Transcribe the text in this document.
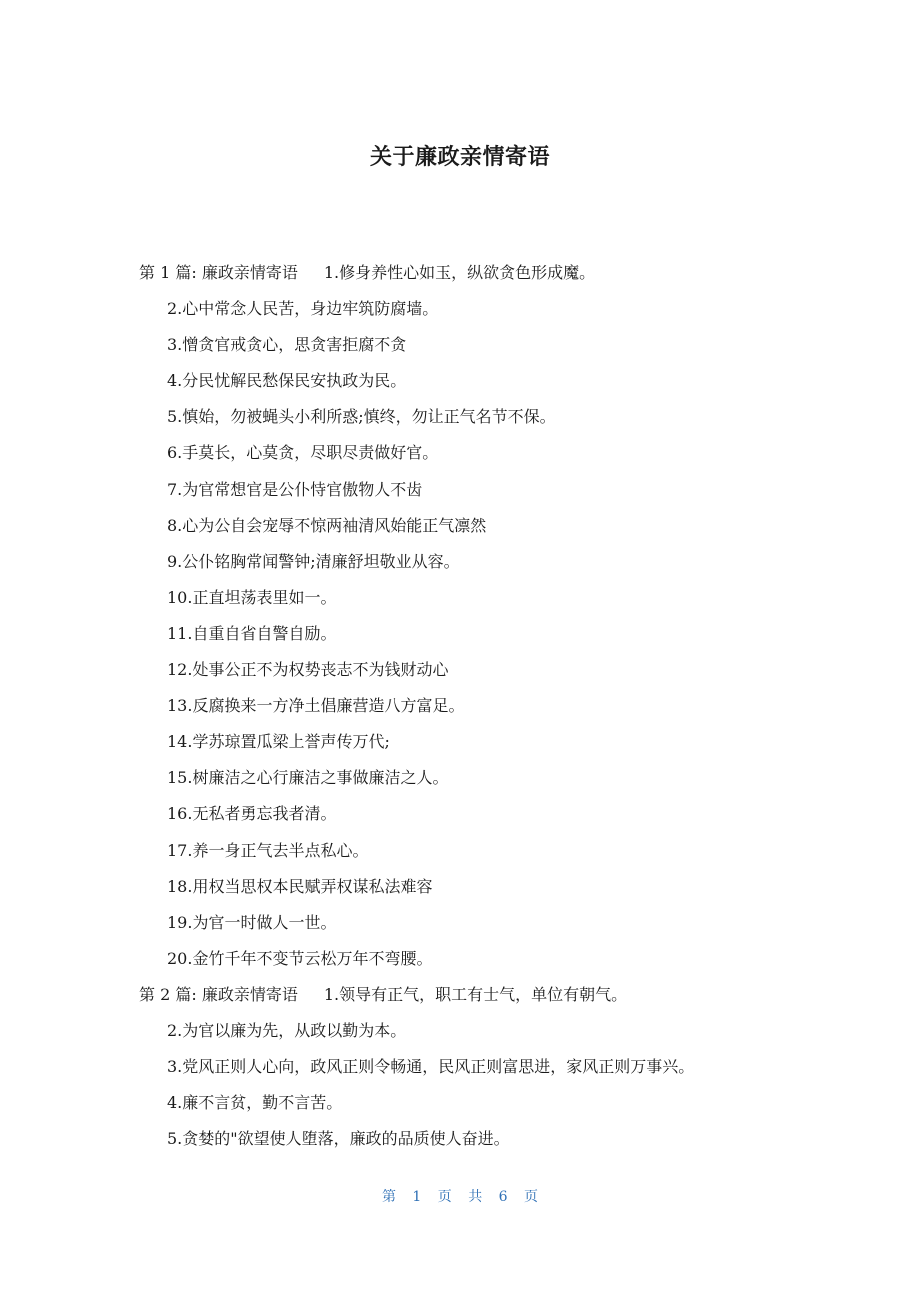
关于廉政亲情寄语
第 1 篇: 廉政亲情寄语 1.修身养性心如玉，纵欲贪色形成魔。
2.心中常念人民苦，身边牢筑防腐墙。
3.憎贪官戒贪心，思贪害拒腐不贪
4.分民忧解民愁保民安执政为民。
5.慎始，勿被蝇头小利所惑;慎终，勿让正气名节不保。
6.手莫长，心莫贪，尽职尽责做好官。
7.为官常想官是公仆恃官傲物人不齿
8.心为公自会宠辱不惊两袖清风始能正气凛然
9.公仆铭胸常闻警钟;清廉舒坦敬业从容。
10.正直坦荡表里如一。
11.自重自省自警自励。
12.处事公正不为权势丧志不为钱财动心
13.反腐换来一方净土倡廉营造八方富足。
14.学苏琼置瓜梁上誉声传万代;
15.树廉洁之心行廉洁之事做廉洁之人。
16.无私者勇忘我者清。
17.养一身正气去半点私心。
18.用权当思权本民赋弄权谋私法难容
19.为官一时做人一世。
20.金竹千年不变节云松万年不弯腰。
第 2 篇: 廉政亲情寄语 1.领导有正气，职工有士气，单位有朝气。
2.为官以廉为先，从政以勤为本。
3.党风正则人心向，政风正则令畅通，民风正则富思进，家风正则万事兴。
4.廉不言贫，勤不言苦。
5.贪婪的"欲望使人堕落，廉政的品质使人奋进。
第 1 页 共 6 页
